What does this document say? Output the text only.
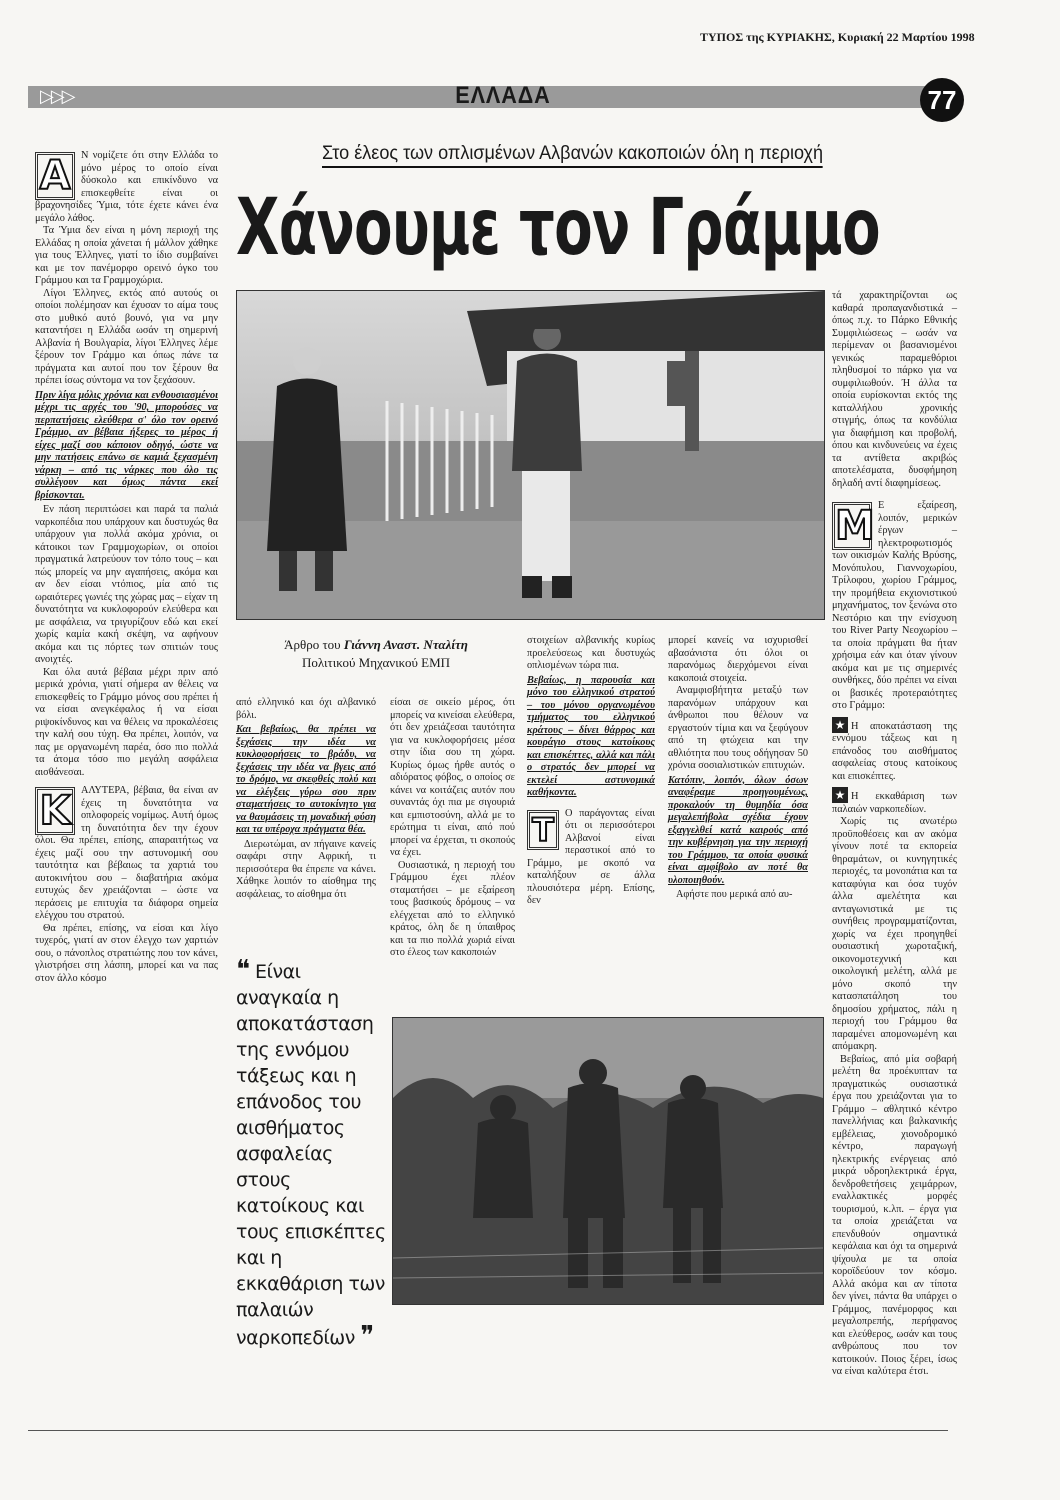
ΤΥΠΟΣ της ΚΥΡΙΑΚΗΣ, Κυριακή 22 Μαρτίου 1998
▷▷▷	ΕΛΛΑΔΑ	77
Στο έλεος των οπλισμένων Αλβανών κακοποιών όλη η περιοχή
Χάνουμε τον Γράμμο
Άρθρο του Γιάννη Αναστ. Νταλίτη
Πολιτικού Μηχανικού ΕΜΠ

Α	Ν νομίζετε ότι στην Ελλάδα το μόνο μέρος το οποίο είναι δύσκολο και επικίνδυνο να επισκεφθείτε είναι οι βραχονησίδες Ύμια, τότε έχετε κάνει ένα μεγάλο λάθος.

Τα Ύμια δεν είναι η μόνη περιοχή της Ελλάδας η οποία χάνεται ή μάλλον χάθηκε για τους Έλληνες, γιατί το ίδιο συμβαίνει και με τον πανέμορφο ορεινό όγκο του Γράμμου και τα Γραμμοχώρια.

Λίγοι Έλληνες, εκτός από αυτούς οι οποίοι πολέμησαν και έχυσαν το αίμα τους στο μυθικό αυτό βουνό, για να μην καταντήσει η Ελλάδα ωσάν τη σημερινή Αλβανία ή Βουλγαρία, λίγοι Έλληνες λέμε ξέρουν τον Γράμμο και όπως πάνε τα πράγματα και αυτοί που τον ξέρουν θα πρέπει ίσως σύντομα να τον ξεχάσουν.

Πριν λίγα μόλις χρόνια και ενθουσιασμένοι μέχρι τις αρχές του '90, μπορούσες να περπατήσεις ελεύθερα σ' όλο τον ορεινό Γράμμο, αν βέβαια ήξερες το μέρος ή είχες μαζί σου κάποιον οδηγό, ώστε να μην πατήσεις επάνω σε καμιά ξεχασμένη νάρκη – από τις νάρκες που όλο τις συλλέγουν και όμως πάντα εκεί βρίσκονται.

Εν πάση περιπτώσει και παρά τα παλιά ναρκοπέδια που υπάρχουν και δυστυχώς θα υπάρχουν για πολλά ακόμα χρόνια, οι κάτοικοι των Γραμμοχωρίων, οι οποίοι πραγματικά λατρεύουν τον τόπο τους – και πώς μπορείς να μην αγαπήσεις, ακόμα και αν δεν είσαι ντόπιος, μία από τις ωραιότερες γωνιές της χώρας μας – είχαν τη δυνατότητα να κυκλοφορούν ελεύθερα και με ασφάλεια, να τριγυρίζουν εδώ και εκεί χωρίς καμία κακή σκέψη, να αφήνουν ακόμα και τις πόρτες των σπιτιών τους ανοιχτές.

Και όλα αυτά βέβαια μέχρι πριν από μερικά χρόνια, γιατί σήμερα αν θέλεις να επισκεφθείς το Γράμμο μόνος σου πρέπει ή να είσαι ανεγκέφαλος ή να είσαι ριψοκίνδυνος και να θέλεις να προκαλέσεις την καλή σου τύχη. Θα πρέπει, λοιπόν, να πας με οργανωμένη παρέα, όσο πιο πολλά τα άτομα τόσο πιο μεγάλη ασφάλεια αισθάνεσαι.

Κ	ΑΛΥΤΕΡΑ, βέβαια, θα είναι αν έχεις τη δυνατότητα να οπλοφορείς νομίμως. Αυτή όμως τη δυνατότητα δεν την έχουν όλοι. Θα πρέπει, επίσης, απαραιτήτως να έχεις μαζί σου την αστυνομική σου ταυτότητα και βέβαιως τα χαρτιά του αυτοκινήτου σου – διαβατήρια ακόμα ευτυχώς δεν χρειάζονται – ώστε να περάσεις με επιτυχία τα διάφορα σημεία ελέγχου του στρατού.

Θα πρέπει, επίσης, να είσαι και λίγο τυχερός, γιατί αν στον έλεγχο των χαρτιών σου, ο πάνοπλος στρατιώτης που τον κάνει, γλιστρήσει στη λάσπη, μπορεί και να πας στον άλλο κόσμο

από ελληνικό και όχι αλβανικό βόλι.

Και βεβαίως, θα πρέπει να ξεχάσεις την ιδέα να κυκλοφορήσεις το βράδυ, να ξεχάσεις την ιδέα να βγεις από το δρόμο, να σκεφθείς πολύ και να ελέγξεις γύρω σου πριν σταματήσεις το αυτοκίνητο για να θαυμάσεις τη μοναδική φύση και τα υπέροχα πράγματα θέα.

Διερωτώμαι, αν πήγαινε κανείς σαφάρι στην Αφρική, τι περισσότερα θα έπρεπε να κάνει. Χάθηκε λοιπόν το αίσθημα της ασφάλειας, το αίσθημα ότι

είσαι σε οικείο μέρος, ότι μπορείς να κινείσαι ελεύθερα, ότι δεν χρειάζεσαι ταυτότητα για να κυκλοφορήσεις μέσα στην ίδια σου τη χώρα. Κυρίως όμως ήρθε αυτός ο αδιόρατος φόβος, ο οποίος σε κάνει να κοιτάζεις αυτόν που συναντάς όχι πια με σιγουριά και εμπιστοσύνη, αλλά με το ερώτημα τι είναι, από πού μπορεί να έρχεται, τι σκοπούς να έχει.

Ουσιαστικά, η περιοχή του Γράμμου έχει πλέον σταματήσει – με εξαίρεση τους βασικούς δρόμους – να ελέγχεται από το ελληνικό κράτος, όλη δε η ύπαιθρος και τα πιο πολλά χωριά είναι στο έλεος των κακοποιών

στοιχείων αλβανικής κυρίως προελεύσεως και δυστυχώς οπλισμένων τώρα πια.

Βεβαίως, η παρουσία και μόνο του ελληνικού στρατού – του μόνου οργανωμένου τμήματος του ελληνικού κράτους – δίνει θάρρος και κουράγιο στους κατοίκους και επισκέπτες, αλλά και πάλι ο στρατός δεν μπορεί να εκτελεί αστυνομικά καθήκοντα.

Τ	Ο παράγοντας είναι ότι οι περισσότεροι Αλβανοί είναι περαστικοί από το Γράμμο, με σκοπό να καταλήξουν σε άλλα πλουσιότερα μέρη. Επίσης, δεν

μπορεί κανείς να ισχυρισθεί αβασάνιστα ότι όλοι οι παρανόμως διερχόμενοι είναι κακοποιά στοιχεία.

Αναμφισβήτητα μεταξύ των παρανόμων υπάρχουν και άνθρωποι που θέλουν να εργαστούν τίμια και να ξεφύγουν από τη φτώχεια και την αθλιότητα που τους οδήγησαν 50 χρόνια σοσιαλιστικών επιτυχιών.

Κατόπιν, λοιπόν, όλων όσων αναφέραμε προηγουμένως, προκαλούν τη θυμηδία όσα μεγαλεπήβολα σχέδια έχουν εξαγγελθεί κατά καιρούς από την κυβέρνηση για την περιοχή του Γράμμου, τα οποία φυσικά είναι αμφίβολο αν ποτέ θα υλοποιηθούν.

Αφήστε που μερικά από αυ-

τά χαρακτηρίζονται ως καθαρά προπαγανδιστικά – όπως π.χ. το Πάρκο Εθνικής Συμφιλιώσεως – ωσάν να περίμεναν οι βασανισμένοι γενικώς παραμεθόριοι πληθυσμοί το πάρκο για να συμφιλιωθούν. Ή άλλα τα οποία ευρίσκονται εκτός της καταλλήλου χρονικής στιγμής, όπως τα κονδύλια για διαφήμιση και προβολή, όπου και κινδυνεύεις να έχεις τα αντίθετα ακριβώς αποτελέσματα, δυσφήμηση δηλαδή αντί διαφημίσεως.

Μ Ε εξαίρεση, λοιπόν, μερικών έργων – ηλεκτροφωτισμός των οικισμών Καλής Βρύσης, Μονόπυλου, Γιαννοχωρίου, Τρίλοφου, χωρίου Γράμμος, την προμήθεια εκχιονιστικού μηχανήματος, τον ξενώνα στο Νεστόριο και την ενίσχυση του River Party Νεοχωρίου – τα οποία πράγματι θα ήταν χρήσιμα εάν και όταν γίνουν ακόμα και με τις σημερινές συνθήκες, δύο πρέπει να είναι οι βασικές προτεραιότητες στο Γράμμο:

★ Η αποκατάσταση της εννόμου τάξεως και η επάνοδος του αισθήματος ασφαλείας στους κατοίκους και επισκέπτες.

★ Η εκκαθάριση των παλαιών ναρκοπεδίων.

Χωρίς τις ανωτέρω προϋποθέσεις και αν ακόμα γίνουν ποτέ τα εκπορεία θηραμάτων, οι κυνηγητικές περιοχές, τα μονοπάτια και τα καταφύγια και όσα τυχόν άλλα αμελέτητα και ανταγωνιστικά με τις συνήθεις προγραμματίζονται, χωρίς να έχει προηγηθεί ουσιαστική χωροταξική, οικονομοτεχνική και οικολογική μελέτη, αλλά με μόνο σκοπό την κατασπατάληση του δημοσίου χρήματος, πάλι η περιοχή του Γράμμου θα παραμένει απομονωμένη και απόμακρη.

Βεβαίως, από μία σοβαρή μελέτη θα προέκυπταν τα πραγματικώς ουσιαστικά έργα που χρειάζονται για το Γράμμο – αθλητικό κέντρο πανελλήνιας και βαλκανικής εμβέλειας, χιονοδρομικό κέντρο, παραγωγή ηλεκτρικής ενέργειας από μικρά υδροηλεκτρικά έργα, δενδροθετήσεις χειμάρρων, εναλλακτικές μορφές τουρισμού, κ.λπ. – έργα για τα οποία χρειάζεται να επενδυθούν σημαντικά κεφάλαια και όχι τα σημερινά ψίχουλα με τα οποία κοροϊδεύουν τον κόσμο. Αλλά ακόμα και αν τίποτα δεν γίνει, πάντα θα υπάρχει ο Γράμμος, πανέμορφος και μεγαλοπρεπής, περήφανος και ελεύθερος, ωσάν και τους ανθρώπους που τον κατοικούν. Ποιος ξέρει, ίσως να είναι καλύτερα έτσι.

❝ Είναι αναγκαία η αποκατάσταση της εννόμου τάξεως και η επάνοδος του αισθήματος ασφαλείας στους κατοίκους και τους επισκέπτες και η εκκαθάριση των παλαιών ναρκοπεδίων ❞
